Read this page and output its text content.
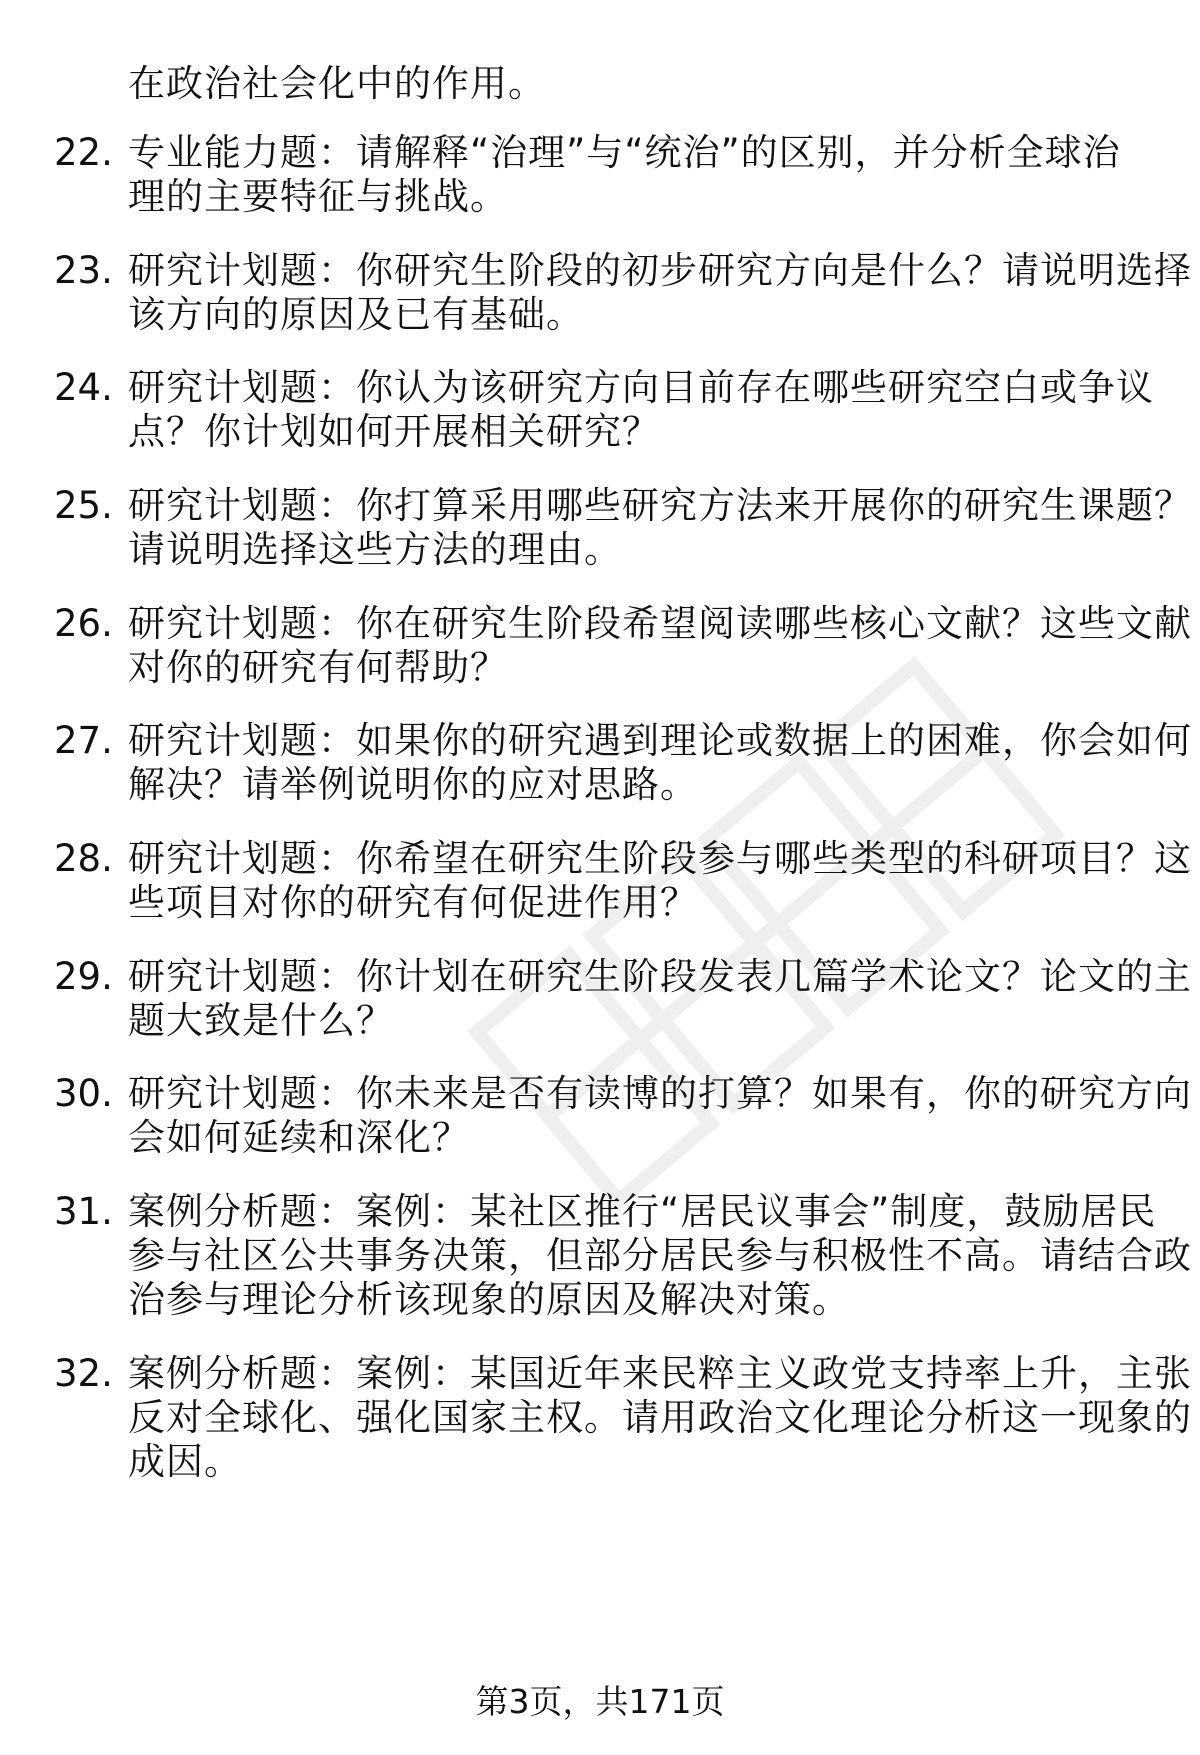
在政治社会化中的作用。
22. 专业能力题：请解释“治理”与“统治”的区别，并分析全球治
理的主要特征与挑战。
23. 研究计划题：你研究生阶段的初步研究方向是什么？请说明选择
该方向的原因及已有基础。
24. 研究计划题：你认为该研究方向目前存在哪些研究空白或争议
点？你计划如何开展相关研究？
25. 研究计划题：你打算采用哪些研究方法来开展你的研究生课题？
请说明选择这些方法的理由。
26. 研究计划题：你在研究生阶段希望阅读哪些核心文献？这些文献
对你的研究有何帮助？
27. 研究计划题：如果你的研究遇到理论或数据上的困难，你会如何
解决？请举例说明你的应对思路。
28. 研究计划题：你希望在研究生阶段参与哪些类型的科研项目？这
些项目对你的研究有何促进作用？
29. 研究计划题：你计划在研究生阶段发表几篇学术论文？论文的主
题大致是什么？
30. 研究计划题：你未来是否有读博的打算？如果有，你的研究方向
会如何延续和深化？
31. 案例分析题：案例：某社区推行“居民议事会”制度，鼓励居民
参与社区公共事务决策，但部分居民参与积极性不高。请结合政
治参与理论分析该现象的原因及解决对策。
32. 案例分析题：案例：某国近年来民粹主义政党支持率上升，主张
反对全球化、强化国家主权。请用政治文化理论分析这一现象的
成因。
第3页，共171页
